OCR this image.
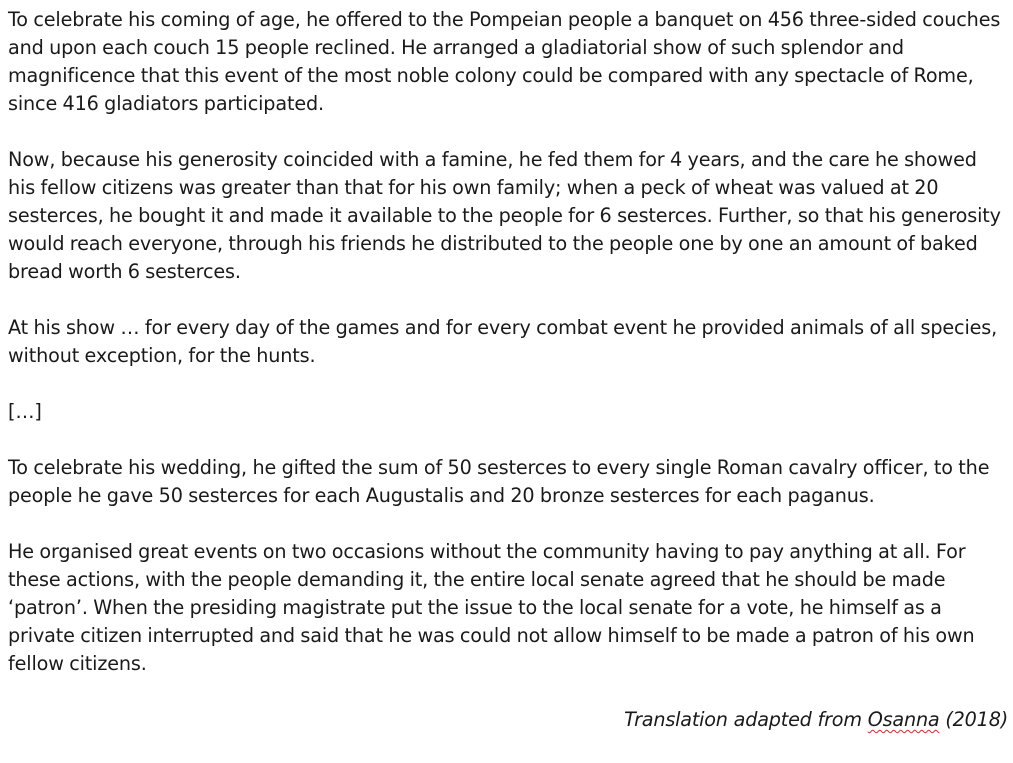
To celebrate his coming of age, he offered to the Pompeian people a banquet on 456 three-sided couches and upon each couch 15 people reclined. He arranged a gladiatorial show of such splendor and magnificence that this event of the most noble colony could be compared with any spectacle of Rome, since 416 gladiators participated.

Now, because his generosity coincided with a famine, he fed them for 4 years, and the care he showed his fellow citizens was greater than that for his own family; when a peck of wheat was valued at 20 sesterces, he bought it and made it available to the people for 6 sesterces. Further, so that his generosity would reach everyone, through his friends he distributed to the people one by one an amount of baked bread worth 6 sesterces.

At his show … for every day of the games and for every combat event he provided animals of all species, without exception, for the hunts.

[…]

To celebrate his wedding, he gifted the sum of 50 sesterces to every single Roman cavalry officer, to the people he gave 50 sesterces for each Augustalis and 20 bronze sesterces for each paganus.

He organised great events on two occasions without the community having to pay anything at all. For these actions, with the people demanding it, the entire local senate agreed that he should be made ‘patron’. When the presiding magistrate put the issue to the local senate for a vote, he himself as a private citizen interrupted and said that he was could not allow himself to be made a patron of his own fellow citizens.

Translation adapted from Osanna (2018)
